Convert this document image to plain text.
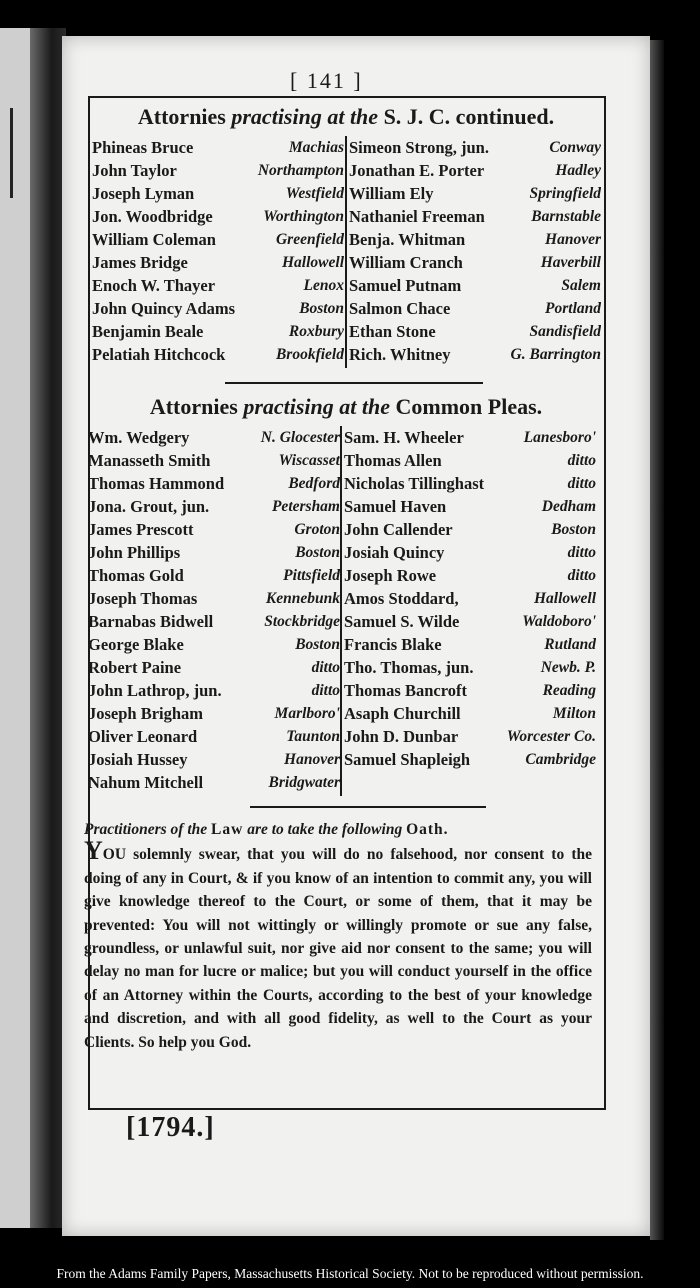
[ 141 ]
Attornies practising at the S. J. C. continued.
Phineas Bruce	Machias
John Taylor	Northampton
Joseph Lyman	Westfield
Jon. Woodbridge	Worthington
William Coleman	Greenfield
James Bridge	Hallowell
Enoch W. Thayer	Lenox
John Quincy Adams	Boston
Benjamin Beale	Roxbury
Pelatiah Hitchcock	Brookfield
Simeon Strong, jun.	Conway
Jonathan E. Porter	Hadley
William Ely	Springfield
Nathaniel Freeman	Barnstable
Benja. Whitman	Hanover
William Cranch	Haverbill
Samuel Putnam	Salem
Salmon Chace	Portland
Ethan Stone	Sandisfield
Rich. Whitney	G. Barrington
Attornies practising at the Common Pleas.
Wm. Wedgery	N. Glocester
Manasseth Smith	Wiscasset
Thomas Hammond	Bedford
Jona. Grout, jun.	Petersham
James Prescott	Groton
John Phillips	Boston
Thomas Gold	Pittsfield
Joseph Thomas	Kennebunk
Barnabas Bidwell	Stockbridge
George Blake	Boston
Robert Paine	ditto
John Lathrop, jun.	ditto
Joseph Brigham	Marlboro'
Oliver Leonard	Taunton
Josiah Hussey	Hanover
Nahum Mitchell	Bridgwater
Sam. H. Wheeler	Lanesboro'
Thomas Allen	ditto
Nicholas Tillinghast	ditto
Samuel Haven	Dedham
John Callender	Boston
Josiah Quincy	ditto
Joseph Rowe	ditto
Amos Stoddard,	Hallowell
Samuel S. Wilde	Waldoboro'
Francis Blake	Rutland
Tho. Thomas, jun.	Newb. P.
Thomas Bancroft	Reading
Asaph Churchill	Milton
John D. Dunbar	Worcester Co.
Samuel Shapleigh	Cambridge
Practitioners of the Law are to take the following Oath.
YOU solemnly swear, that you will do no falsehood, nor consent to the doing of any in Court, & if you know of an intention to commit any, you will give knowledge thereof to the Court, or some of them, that it may be prevented: You will not wittingly or willingly promote or sue any false, groundless, or unlawful suit, nor give aid nor consent to the same; you will delay no man for lucre or malice; but you will conduct yourself in the office of an Attorney within the Courts, according to the best of your knowledge and discretion, and with all good fidelity, as well to the Court as your Clients. So help you God.
[1794.]
From the Adams Family Papers, Massachusetts Historical Society. Not to be reproduced without permission.
